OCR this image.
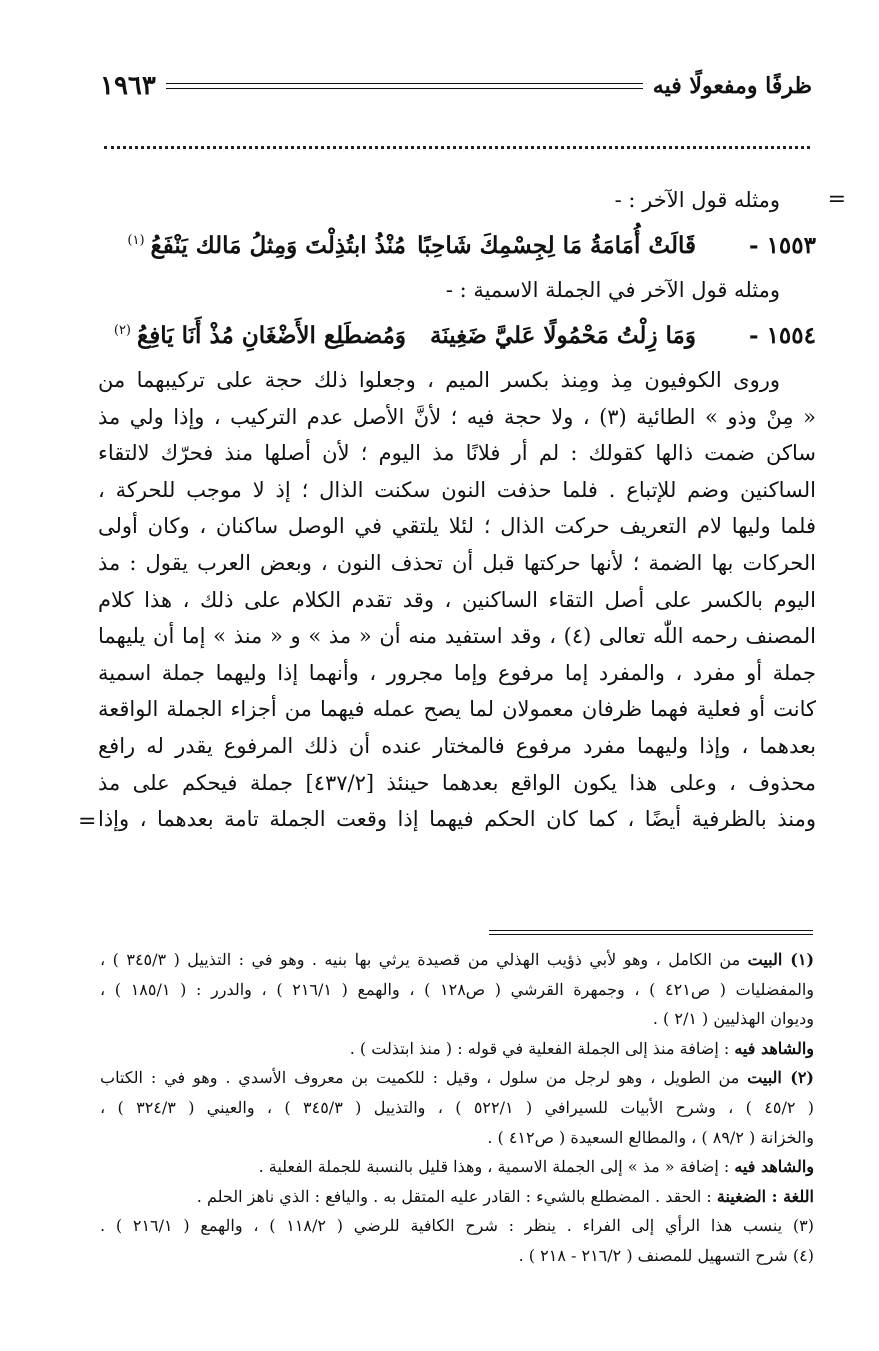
ظرفًا ومفعولًا فيه
١٩٦٣
=
ومثله قول الآخر : -
١٥٥٣ -
قَالَتْ أُمَامَةُ مَا لِجِسْمِكَ شَاحِبًا
مُنْذُ ابتُذِلْتَ وَمِثلُ مَالك يَنْفَعُ$^{(١)}$
ومثله قول الآخر في الجملة الاسمية : -
١٥٥٤ -
وَمَا زِلْتُ مَحْمُولًا عَليَّ ضَغِينَة
وَمُضطَلِع الأَضْغَانِ مُذْ أَنَا يَافِعُ$^{(٢)}$
وروى الكوفيون مِذ ومِنذ بكسر الميم ، وجعلوا ذلك حجة على تركيبهما من
« مِنْ وذو » الطائية (٣) ، ولا حجة فيه ؛ لأنَّ الأصل عدم التركيب ، وإذا ولي مذ
ساكن ضمت ذالها كقولك : لم أر فلانًا مذ اليوم ؛ لأن أصلها منذ فحرّك لالتقاء
الساكنين وضم للإتباع . فلما حذفت النون سكنت الذال ؛ إذ لا موجب للحركة ،
فلما وليها لام التعريف حركت الذال ؛ لئلا يلتقي في الوصل ساكنان ، وكان أولى
الحركات بها الضمة ؛ لأنها حركتها قبل أن تحذف النون ، وبعض العرب يقول : مذ
اليوم بالكسر على أصل التقاء الساكنين ، وقد تقدم الكلام على ذلك ، هذا كلام
المصنف رحمه اللّٰه تعالى (٤) ، وقد استفيد منه أن « مذ » و « منذ » إما أن يليهما
جملة أو مفرد ، والمفرد إما مرفوع وإما مجرور ، وأنهما إذا وليهما جملة اسمية
كانت أو فعلية فهما ظرفان معمولان لما يصح عمله فيهما من أجزاء الجملة الواقعة
بعدهما ، وإذا وليهما مفرد مرفوع فالمختار عنده أن ذلك المرفوع يقدر له رافع
محذوف ، وعلى هذا يكون الواقع بعدهما حينئذ [٤٣٧/٢] جملة فيحكم على مذ
ومنذ بالظرفية أيضًا ، كما كان الحكم فيهما إذا وقعت الجملة تامة بعدهما ، وإذا
=
(١) البيت من الكامل ، وهو لأبي ذؤيب الهذلي من قصيدة يرثي بها بنيه . وهو في : التذييل ( ٣٤٥/٣ ) ،
والمفضليات ( ص٤٢١ ) ، وجمهرة القرشي ( ص١٢٨ ) ، والهمع ( ٢١٦/١ ) ، والدرر : ( ١٨٥/١ ) ،
وديوان الهذليين ( ٢/١ ) .
والشاهد فيه : إضافة منذ إلى الجملة الفعلية في قوله : ( منذ ابتذلت ) .
(٢) البيت من الطويل ، وهو لرجل من سلول ، وقيل : للكميت بن معروف الأسدي . وهو في : الكتاب
( ٤٥/٢ ) ، وشرح الأبيات للسيرافي ( ٥٢٢/١ ) ، والتذييل ( ٣٤٥/٣ ) ، والعيني ( ٣٢٤/٣ ) ،
والخزانة ( ٨٩/٢ ) ، والمطالع السعيدة ( ص٤١٢ ) .
والشاهد فيه : إضافة « مذ » إلى الجملة الاسمية ، وهذا قليل بالنسبة للجملة الفعلية .
اللغة : الضغينة : الحقد . المضطلع بالشيء : القادر عليه المتقل به . واليافع : الذي ناهز الحلم .
(٣) ينسب هذا الرأي إلى الفراء . ينظر : شرح الكافية للرضي ( ١١٨/٢ ) ، والهمع ( ٢١٦/١ ) .
(٤) شرح التسهيل للمصنف ( ٢١٦/٢ - ٢١٨ ) .
